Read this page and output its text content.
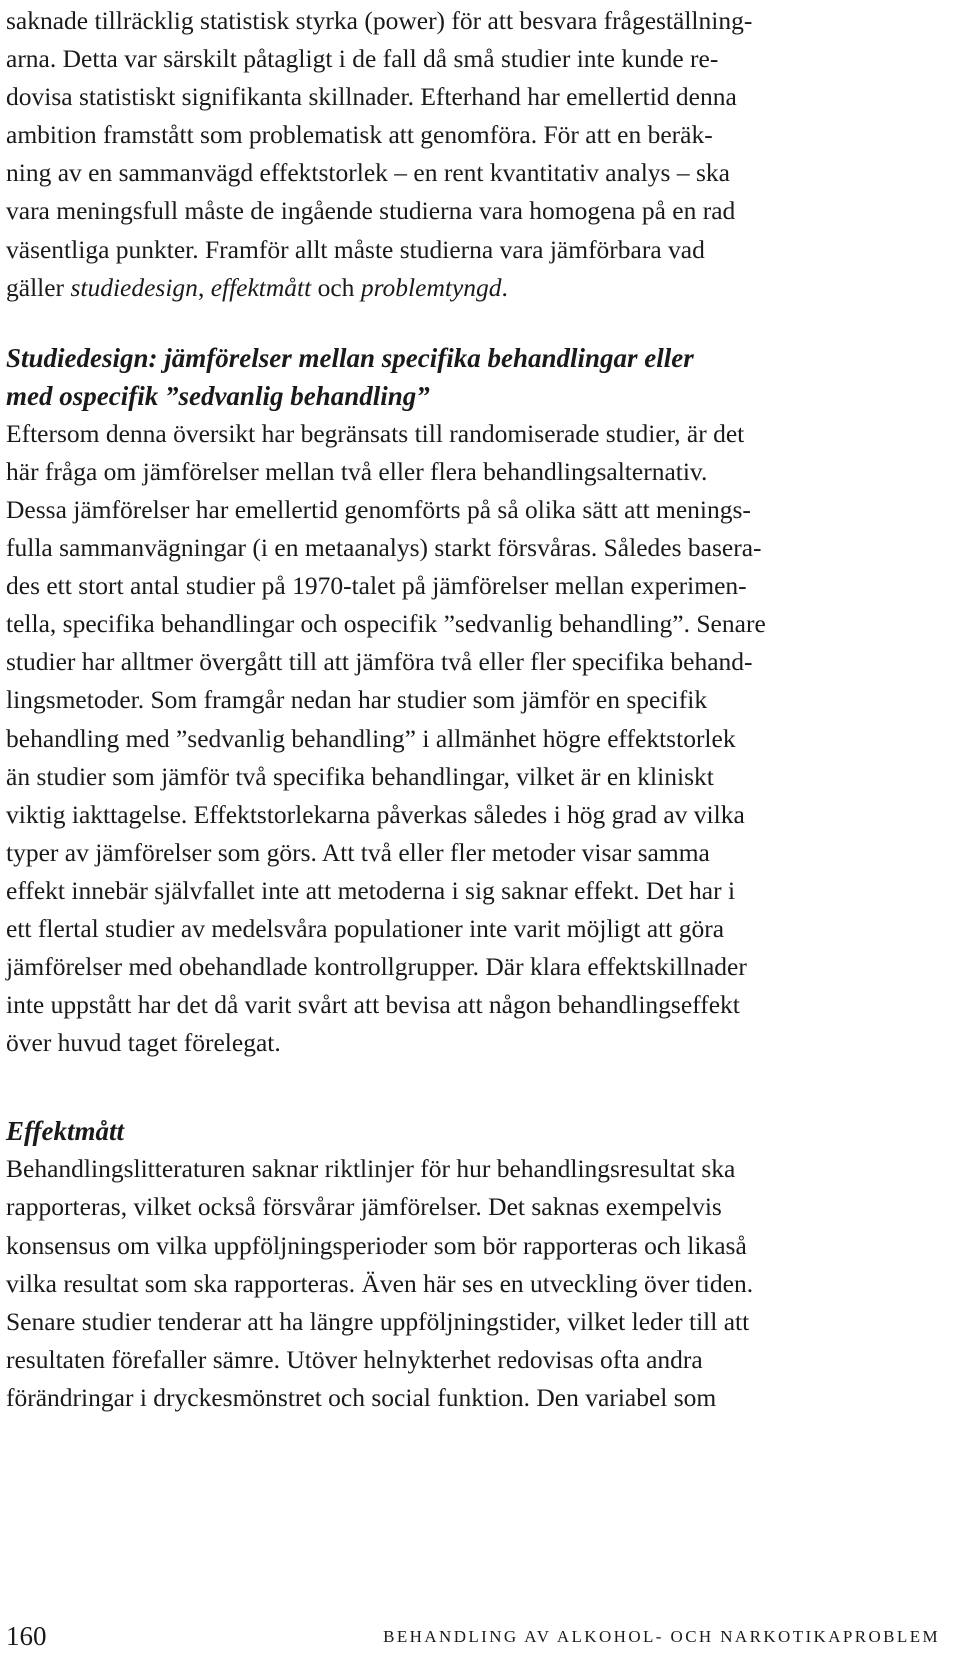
saknade tillräcklig statistisk styrka (power) för att besvara frågeställning-
arna. Detta var särskilt påtagligt i de fall då små studier inte kunde re-
dovisa statistiskt signifikanta skillnader. Efterhand har emellertid denna
ambition framstått som problematisk att genomföra. För att en beräk-
ning av en sammanvägd effektstorlek – en rent kvantitativ analys – ska
vara meningsfull måste de ingående studierna vara homogena på en rad
väsentliga punkter. Framför allt måste studierna vara jämförbara vad
gäller studiedesign, effektmått och problemtyngd.

Studiedesign: jämförelser mellan specifika behandlingar eller
med ospecifik ”sedvanlig behandling”

Eftersom denna översikt har begränsats till randomiserade studier, är det
här fråga om jämförelser mellan två eller flera behandlingsalternativ.
Dessa jämförelser har emellertid genomförts på så olika sätt att menings-
fulla sammanvägningar (i en metaanalys) starkt försvåras. Således basera-
des ett stort antal studier på 1970-talet på jämförelser mellan experimen-
tella, specifika behandlingar och ospecifik ”sedvanlig behandling”. Senare
studier har alltmer övergått till att jämföra två eller fler specifika behand-
lingsmetoder. Som framgår nedan har studier som jämför en specifik
behandling med ”sedvanlig behandling” i allmänhet högre effektstorlek
än studier som jämför två specifika behandlingar, vilket är en kliniskt
viktig iakttagelse. Effektstorlekarna påverkas således i hög grad av vilka
typer av jämförelser som görs. Att två eller fler metoder visar samma
effekt innebär självfallet inte att metoderna i sig saknar effekt. Det har i
ett flertal studier av medelsvåra populationer inte varit möjligt att göra
jämförelser med obehandlade kontrollgrupper. Där klara effektskillnader
inte uppstått har det då varit svårt att bevisa att någon behandlingseffekt
över huvud taget förelegat.

Effektmått

Behandlingslitteraturen saknar riktlinjer för hur behandlingsresultat ska
rapporteras, vilket också försvårar jämförelser. Det saknas exempelvis
konsensus om vilka uppföljningsperioder som bör rapporteras och likaså
vilka resultat som ska rapporteras. Även här ses en utveckling över tiden.
Senare studier tenderar att ha längre uppföljningstider, vilket leder till att
resultaten förefaller sämre. Utöver helnykterhet redovisas ofta andra
förändringar i dryckesmönstret och social funktion. Den variabel som

160	BEHANDLING AV ALKOHOL- OCH NARKOTIKAPROBLEM
